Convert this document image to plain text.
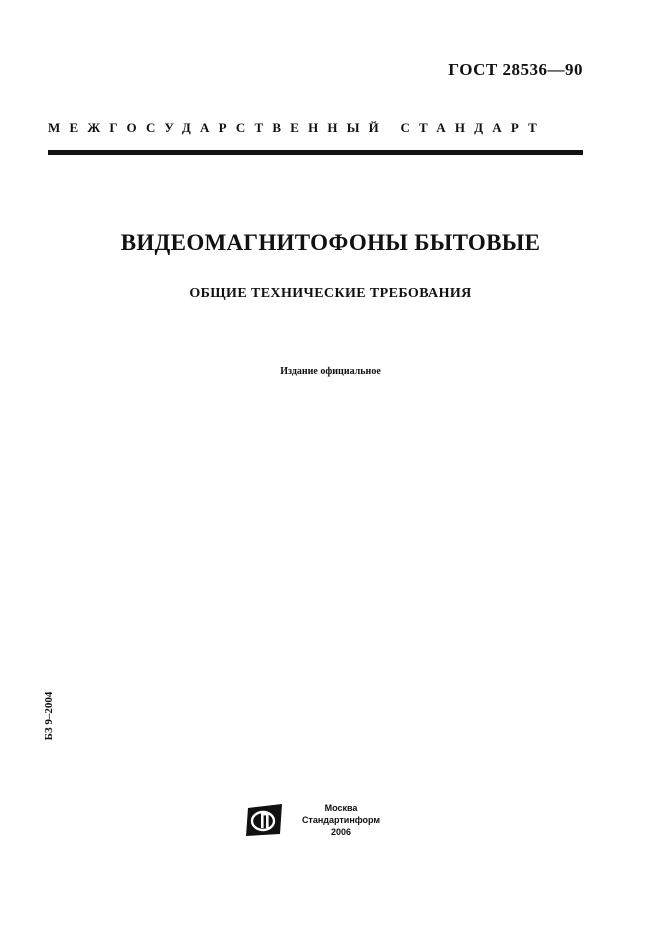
ГОСТ 28536—90
МЕЖГОСУДАРСТВЕННЫЙ СТАНДАРТ
ВИДЕОМАГНИТОФОНЫ БЫТОВЫЕ
ОБЩИЕ ТЕХНИЧЕСКИЕ ТРЕБОВАНИЯ
Издание официальное
БЗ 9–2004
Москва
Стандартинформ
2006
